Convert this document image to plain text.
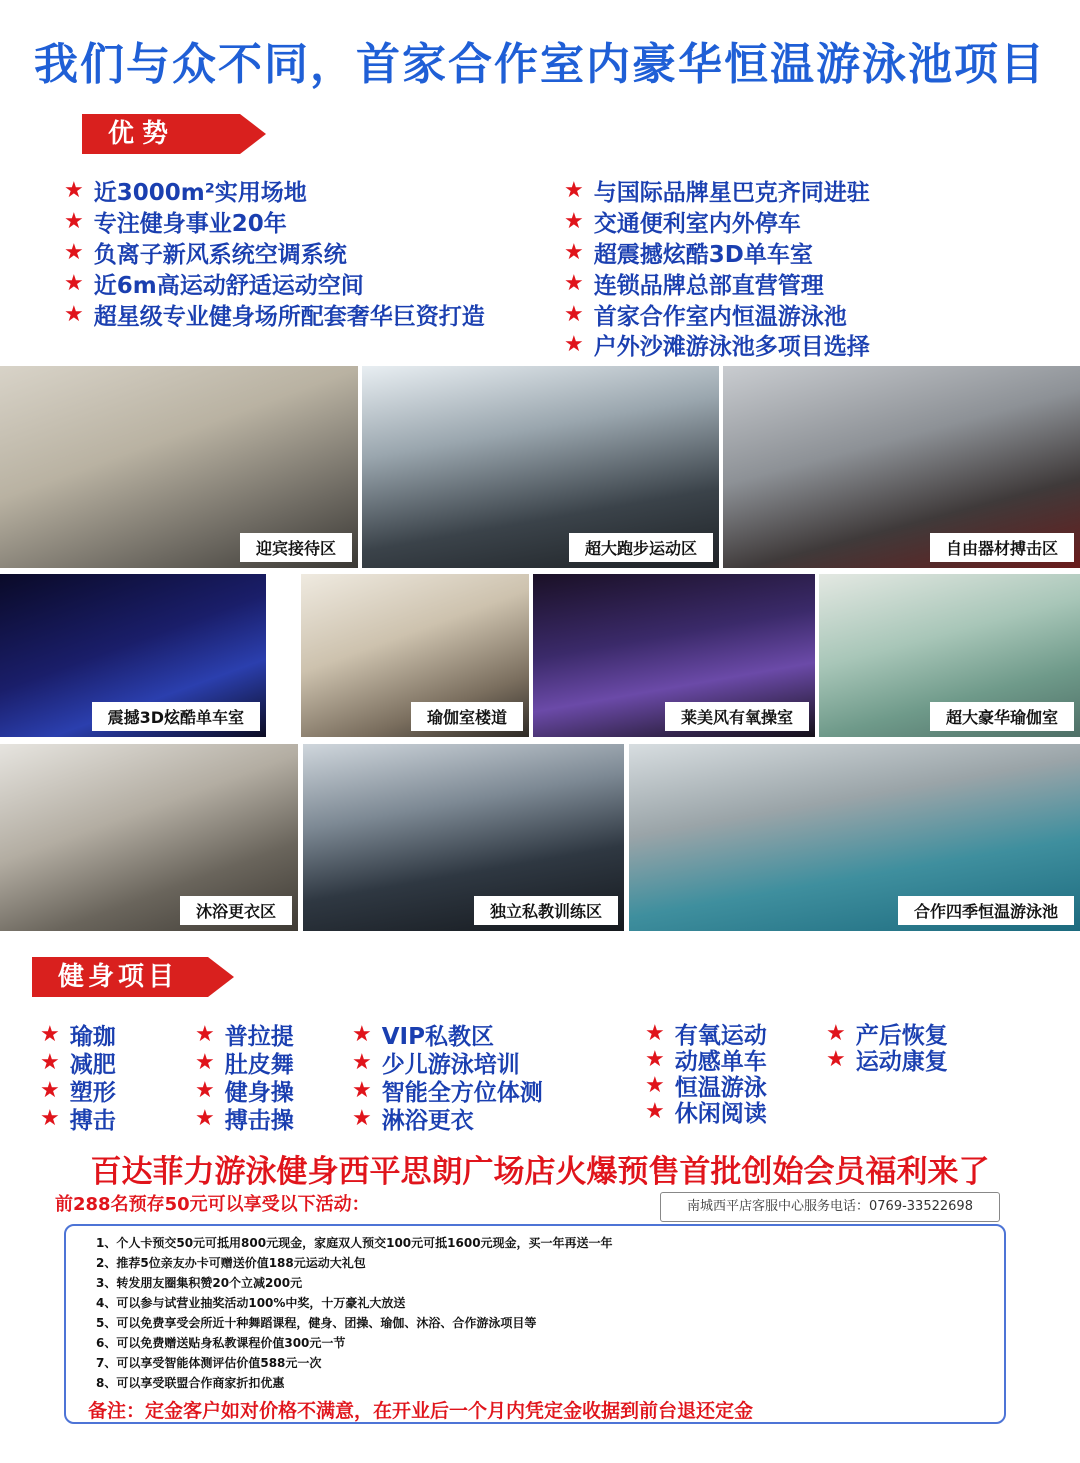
我们与众不同，首家合作室内豪华恒温游泳池项目
优势
★ 近3000m²实用场地
★ 专注健身事业20年
★ 负离子新风系统空调系统
★ 近6m高运动舒适运动空间
★ 超星级专业健身场所配套奢华巨资打造
★ 与国际品牌星巴克齐同进驻
★ 交通便利室内外停车
★ 超震撼炫酷3D单车室
★ 连锁品牌总部直营管理
★ 首家合作室内恒温游泳池
★ 户外沙滩游泳池多项目选择
迎宾接待区	超大跑步运动区	自由器材搏击区
震撼3D炫酷单车室	瑜伽室楼道	莱美风有氧操室	超大豪华瑜伽室
沐浴更衣区	独立私教训练区	合作四季恒温游泳池
健身项目
★ 瑜珈
★ 减肥
★ 塑形
★ 搏击
★ 普拉提
★ 肚皮舞
★ 健身操
★ 搏击操
★ VIP私教区
★ 少儿游泳培训
★ 智能全方位体测
★ 淋浴更衣
★ 有氧运动
★ 动感单车
★ 恒温游泳
★ 休闲阅读
★ 产后恢复
★ 运动康复
百达菲力游泳健身西平思朗广场店火爆预售首批创始会员福利来了
前288名预存50元可以享受以下活动：	南城西平店客服中心服务电话：0769-33522698
1、个人卡预交50元可抵用800元现金，家庭双人预交100元可抵1600元现金，买一年再送一年
2、推荐5位亲友办卡可赠送价值188元运动大礼包
3、转发朋友圈集积赞20个立减200元
4、可以参与试营业抽奖活动100%中奖，十万豪礼大放送
5、可以免费享受会所近十种舞蹈课程，健身、团操、瑜伽、沐浴、合作游泳项目等
6、可以免费赠送贴身私教课程价值300元一节
7、可以享受智能体测评估价值588元一次
8、可以享受联盟合作商家折扣优惠
备注：定金客户如对价格不满意，在开业后一个月内凭定金收据到前台退还定金
